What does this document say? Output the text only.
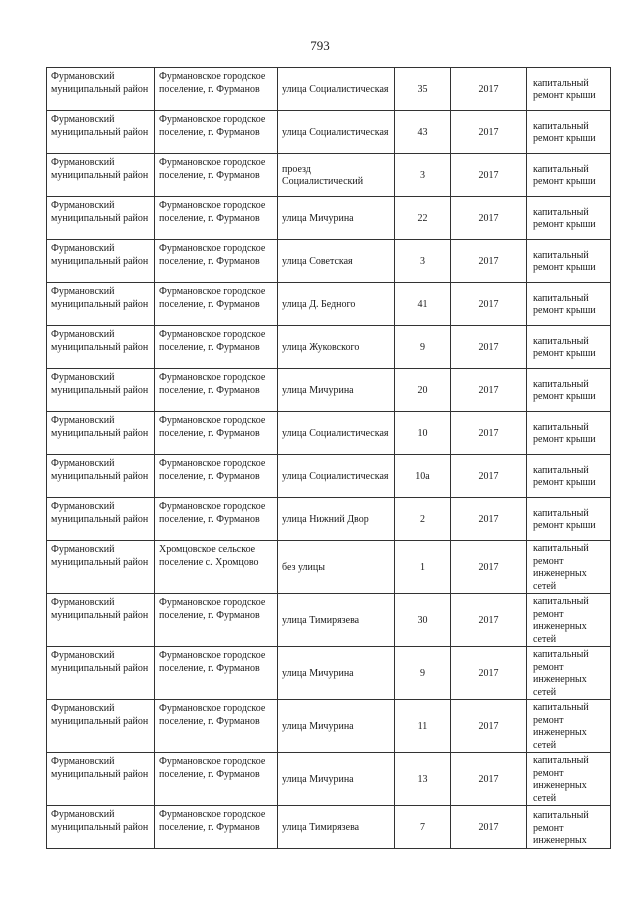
793
Фурмановский муниципальный район	Фурмановское городское поселение, г. Фурманов	улица Социалистическая	35	2017	капитальный ремонт крыши
Фурмановский муниципальный район	Фурмановское городское поселение, г. Фурманов	улица Социалистическая	43	2017	капитальный ремонт крыши
Фурмановский муниципальный район	Фурмановское городское поселение, г. Фурманов	проезд Социалистический	3	2017	капитальный ремонт крыши
Фурмановский муниципальный район	Фурмановское городское поселение, г. Фурманов	улица Мичурина	22	2017	капитальный ремонт крыши
Фурмановский муниципальный район	Фурмановское городское поселение, г. Фурманов	улица Советская	3	2017	капитальный ремонт крыши
Фурмановский муниципальный район	Фурмановское городское поселение, г. Фурманов	улица Д. Бедного	41	2017	капитальный ремонт крыши
Фурмановский муниципальный район	Фурмановское городское поселение, г. Фурманов	улица Жуковского	9	2017	капитальный ремонт крыши
Фурмановский муниципальный район	Фурмановское городское поселение, г. Фурманов	улица Мичурина	20	2017	капитальный ремонт крыши
Фурмановский муниципальный район	Фурмановское городское поселение, г. Фурманов	улица Социалистическая	10	2017	капитальный ремонт крыши
Фурмановский муниципальный район	Фурмановское городское поселение, г. Фурманов	улица Социалистическая	10а	2017	капитальный ремонт крыши
Фурмановский муниципальный район	Фурмановское городское поселение, г. Фурманов	улица Нижний Двор	2	2017	капитальный ремонт крыши
Фурмановский муниципальный район	Хромцовское сельское поселение с. Хромцово	без улицы	1	2017	капитальный ремонт инженерных сетей
Фурмановский муниципальный район	Фурмановское городское поселение, г. Фурманов	улица Тимирязева	30	2017	капитальный ремонт инженерных сетей
Фурмановский муниципальный район	Фурмановское городское поселение, г. Фурманов	улица Мичурина	9	2017	капитальный ремонт инженерных сетей
Фурмановский муниципальный район	Фурмановское городское поселение, г. Фурманов	улица Мичурина	11	2017	капитальный ремонт инженерных сетей
Фурмановский муниципальный район	Фурмановское городское поселение, г. Фурманов	улица Мичурина	13	2017	капитальный ремонт инженерных сетей
Фурмановский муниципальный район	Фурмановское городское поселение, г. Фурманов	улица Тимирязева	7	2017	капитальный ремонт инженерных
